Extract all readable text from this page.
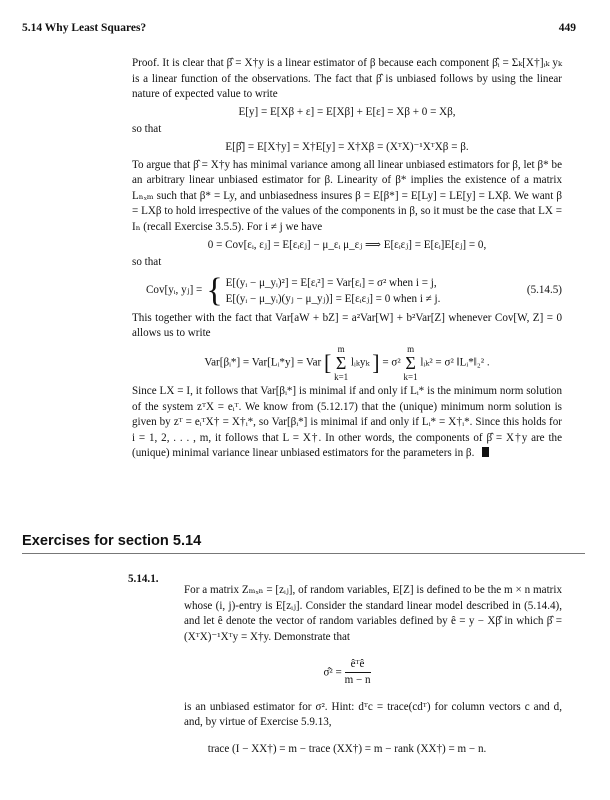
5.14 Why Least Squares?	449

Proof. It is clear that β̂ = X†y is a linear estimator of β because each component β̂ᵢ = Σₖ[X†]ᵢₖ yₖ is a linear function of the observations. The fact that β̂ is unbiased follows by using the linear nature of expected value to write

E[y] = E[Xβ + ε] = E[Xβ] + E[ε] = Xβ + 0 = Xβ,

so that

E[β̂] = E[X†y] = X†E[y] = X†Xβ = (XᵀX)⁻¹XᵀXβ = β.

To argue that β̂ = X†y has minimal variance among all linear unbiased estimators for β, let β* be an arbitrary linear unbiased estimator for β. Linearity of β* implies the existence of a matrix Lₙₓₘ such that β* = Ly, and unbiasedness insures β = E[β*] = E[Ly] = LE[y] = LXβ. We want β = LXβ to hold irrespective of the values of the components in β, so it must be the case that LX = Iₙ (recall Exercise 3.5.5). For i ≠ j we have

0 = Cov[εᵢ, εⱼ] = E[εᵢεⱼ] − μ_εᵢ μ_εⱼ ⟹ E[εᵢεⱼ] = E[εᵢ]E[εⱼ] = 0,

so that

Cov[yᵢ, yⱼ] = { E[(yᵢ − μ_yᵢ)²] = E[εᵢ²] = Var[εᵢ] = σ² when i = j,
E[(yᵢ − μ_yᵢ)(yⱼ − μ_yⱼ)] = E[εᵢεⱼ] = 0 when i ≠ j.
(5.14.5)

This together with the fact that Var[aW + bZ] = a²Var[W] + b²Var[Z] whenever Cov[W, Z] = 0 allows us to write

Var[βᵢ*] = Var[Lᵢ*y] = Var [ m
Σ
k=1 lᵢₖyₖ ] = σ² m
Σ
k=1 lᵢₖ² = σ² ‖Lᵢ*‖₂² .

Since LX = I, it follows that Var[βᵢ*] is minimal if and only if Lᵢ* is the minimum norm solution of the system zᵀX = eᵢᵀ. We know from (5.12.17) that the (unique) minimum norm solution is given by zᵀ = eᵢᵀX† = X†ᵢ*, so Var[βᵢ*] is minimal if and only if Lᵢ* = X†ᵢ*. Since this holds for i = 1, 2, . . . , m, it follows that L = X†. In other words, the components of β̂ = X†y are the (unique) minimal variance linear unbiased estimators for the parameters in β.

Exercises for section 5.14
5.14.1.

For a matrix Zₘₓₙ = [zᵢⱼ], of random variables, E[Z] is defined to be the m × n matrix whose (i, j)-entry is E[zᵢⱼ]. Consider the standard linear model described in (5.14.4), and let ê denote the vector of random variables defined by ê = y − Xβ̂ in which β̂ = (XᵀX)⁻¹Xᵀy = X†y. Demonstrate that

σ̂² = $\frac{\text{êᵀê}}{m - n}$

is an unbiased estimator for σ². Hint: dᵀc = trace(cdᵀ) for column vectors c and d, and, by virtue of Exercise 5.9.13,

trace (I − XX†) = m − trace (XX†) = m − rank (XX†) = m − n.
